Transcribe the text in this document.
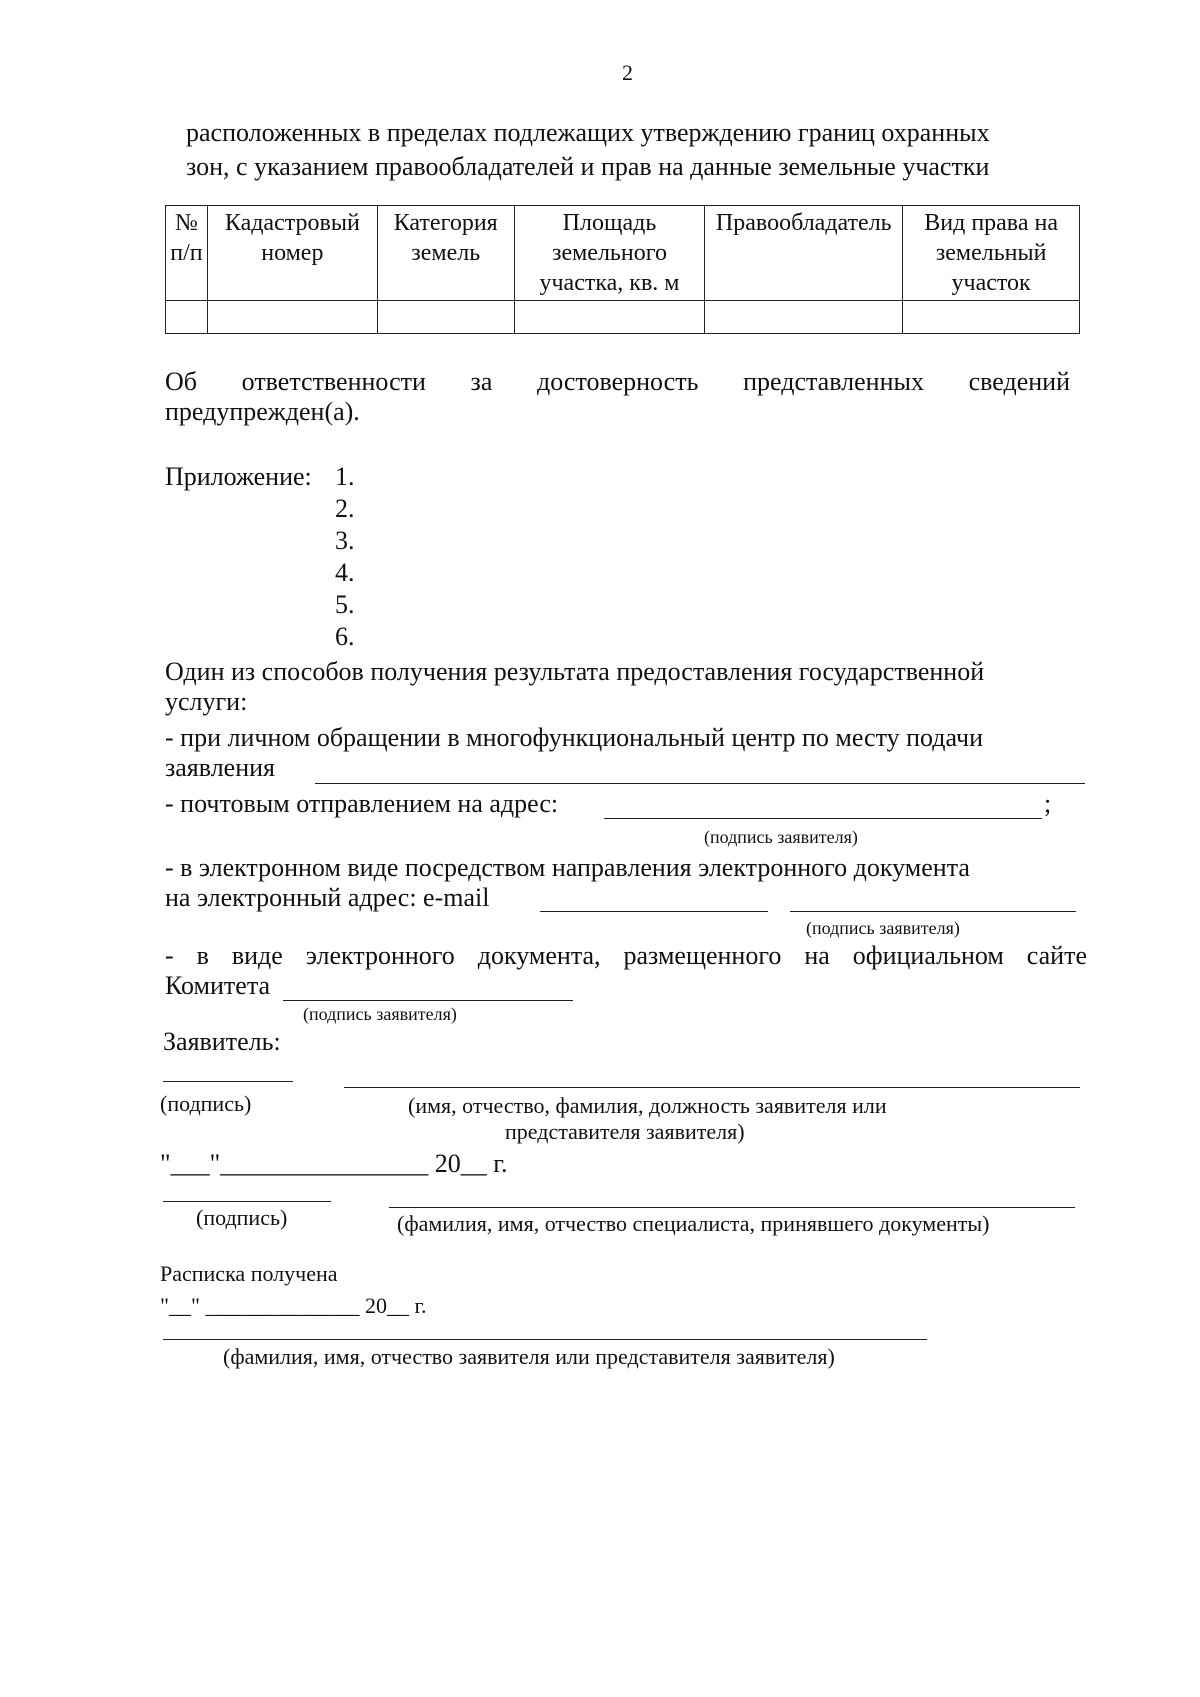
2
расположенных в пределах подлежащих утверждению границ охранных
зон, с указанием правообладателей и прав на данные земельные участки
№ п/п	Кадастровый номер	Категория земель	Площадь земельного участка, кв. м	Правообладатель	Вид права на земельный участок

Об ответственности за достоверность представленных сведений
предупрежден(а).
Приложение: 1.
2.
3.
4.
5.
6.
Один из способов получения результата предоставления государственной
услуги:
- при личном обращении в многофункциональный центр по месту подачи
заявления
- почтовым отправлением на адрес:	;
(подпись заявителя)
- в электронном виде посредством направления электронного документа
на электронный адрес: e-mail
(подпись заявителя)
- в виде электронного документа, размещенного на официальном сайте
Комитета
(подпись заявителя)
Заявитель:
(подпись)	(имя, отчество, фамилия, должность заявителя или
представителя заявителя)
"___"________________ 20__ г.
(подпись)	(фамилия, имя, отчество специалиста, принявшего документы)
Расписка получена
"__" ______________ 20__ г.
(фамилия, имя, отчество заявителя или представителя заявителя)
